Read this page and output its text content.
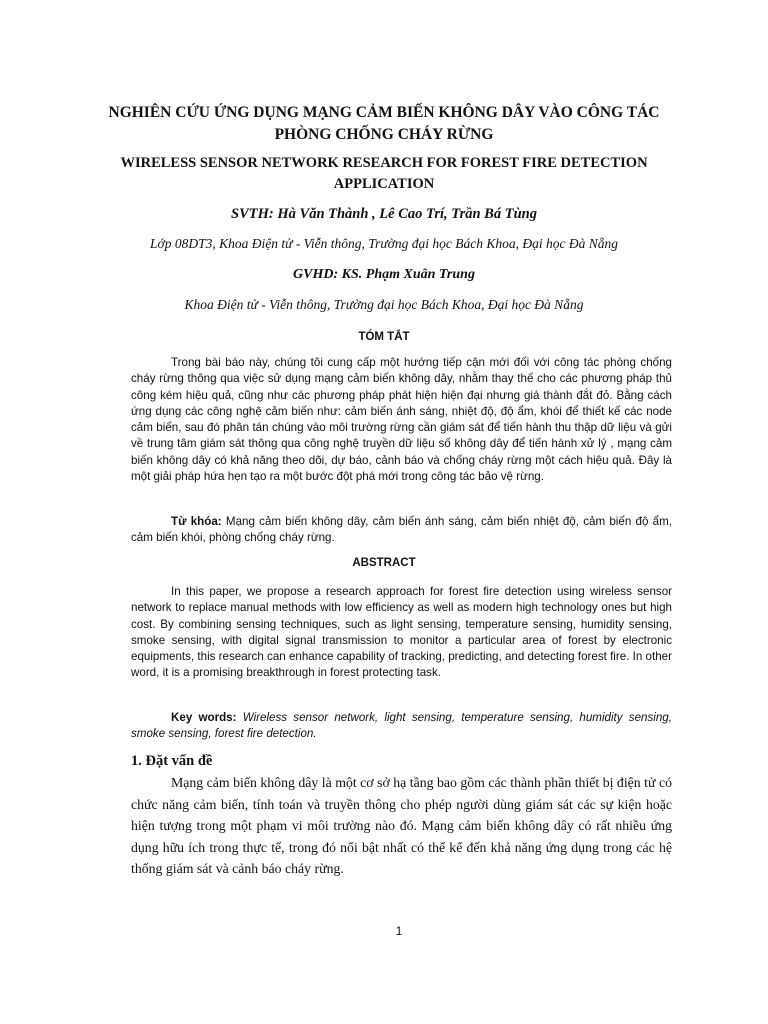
NGHIÊN CỨU ỨNG DỤNG MẠNG CẢM BIẾN KHÔNG DÂY VÀO CÔNG TÁC PHÒNG CHỐNG CHÁY RỪNG
WIRELESS SENSOR NETWORK RESEARCH FOR FOREST FIRE DETECTION APPLICATION
SVTH: Hà Văn Thành , Lê Cao Trí, Trần Bá Tùng
Lớp 08DT3, Khoa Điện tử - Viễn thông, Trường đại học Bách Khoa, Đại học Đà Nẵng
GVHD: KS. Phạm Xuân Trung
Khoa Điện tử - Viễn thông, Trường đại học Bách Khoa, Đại học Đà Nẵng
TÓM TẮT

Trong bài báo này, chúng tôi cung cấp một hướng tiếp cận mới đối với công tác phòng chống cháy rừng thông qua việc sử dụng mạng cảm biến không dây, nhằm thay thế cho các phương pháp thủ công kém hiệu quả, cũng như các phương pháp phát hiện hiện đại nhưng giá thành đắt đỏ. Bằng cách ứng dụng các công nghệ cảm biến như: cảm biến ánh sáng, nhiệt độ, độ ẩm, khói để thiết kế các node cảm biến, sau đó phân tán chúng vào môi trường rừng cần giám sát để tiến hành thu thập dữ liệu và gửi về trung tâm giám sát thông qua công nghệ truyền dữ liệu số không dây để tiến hành xử lý , mạng cảm biến không dây có khả năng theo dõi, dự báo, cảnh báo và chống cháy rừng một cách hiệu quả. Đây là một giải pháp hứa hẹn tạo ra một bước đột phá mới trong công tác bảo vệ rừng.

Từ khóa: Mạng cảm biến không dây, cảm biến ánh sáng, cảm biến nhiệt độ, cảm biến độ ẩm, cảm biến khói, phòng chống cháy rừng.

ABSTRACT

In this paper, we propose a research approach for forest fire detection using wireless sensor network to replace manual methods with low efficiency as well as modern high technology ones but high cost. By combining sensing techniques, such as light sensing, temperature sensing, humidity sensing, smoke sensing, with digital signal transmission to monitor a particular area of forest by electronic equipments, this research can enhance capability of tracking, predicting, and detecting forest fire. In other word, it is a promising breakthrough in forest protecting task.

Key words: Wireless sensor network, light sensing, temperature sensing, humidity sensing, smoke sensing, forest fire detection.

1. Đặt vấn đề

Mạng cảm biến không dây là một cơ sở hạ tầng bao gồm các thành phần thiết bị điện tử có chức năng cảm biến, tính toán và truyền thông cho phép người dùng giám sát các sự kiện hoặc hiện tượng trong một phạm vi môi trường nào đó. Mạng cảm biến không dây có rất nhiều ứng dụng hữu ích trong thực tế, trong đó nổi bật nhất có thể kể đến khả năng ứng dụng trong các hệ thống giám sát và cảnh báo cháy rừng.

1
